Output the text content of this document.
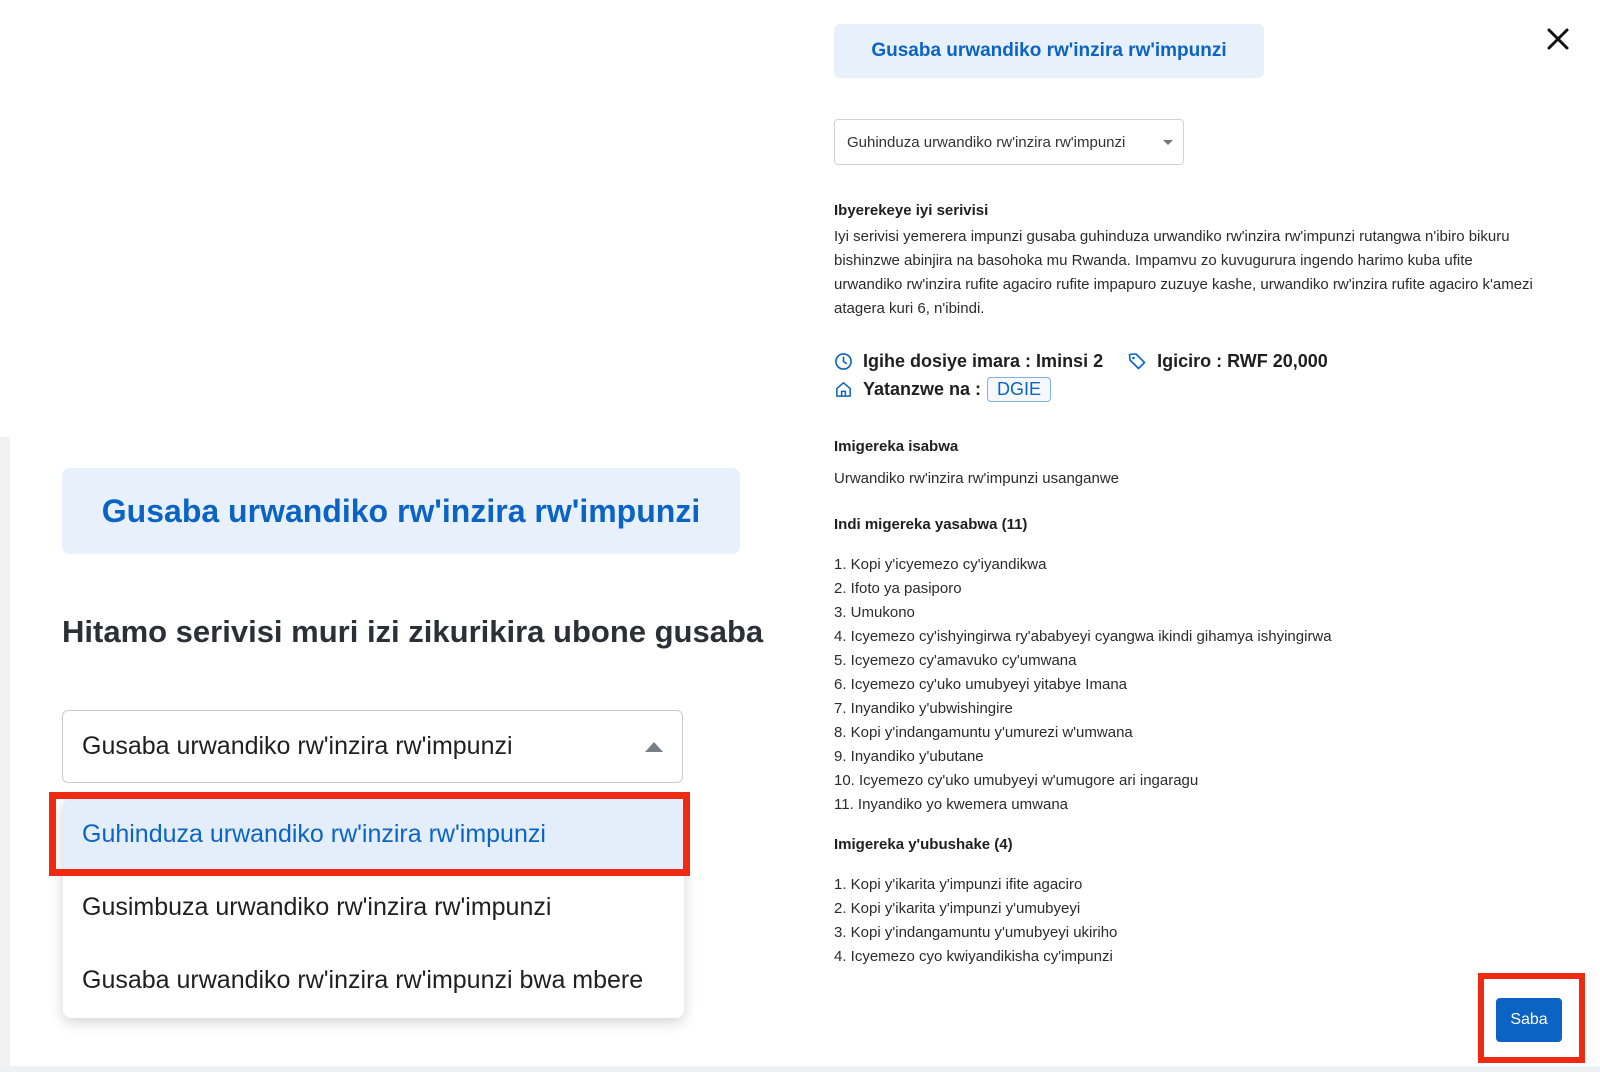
Gusaba urwandiko rw'inzira rw'impunzi
Hitamo serivisi muri izi zikurikira ubone gusaba
Gusaba urwandiko rw'inzira rw'impunzi
Guhinduza urwandiko rw'inzira rw'impunzi
Gusimbuza urwandiko rw'inzira rw'impunzi
Gusaba urwandiko rw'inzira rw'impunzi bwa mbere
Gusaba urwandiko rw'inzira rw'impunzi
Guhinduza urwandiko rw'inzira rw'impunzi
Ibyerekeye iyi serivisi
Iyi serivisi yemerera impunzi gusaba guhinduza urwandiko rw'inzira rw'impunzi rutangwa n'ibiro bikuru bishinzwe abinjira na basohoka mu Rwanda. Impamvu zo kuvugurura ingendo harimo kuba ufite urwandiko rw'inzira rufite agaciro rufite impapuro zuzuye kashe, urwandiko rw'inzira rufite agaciro k'amezi atagera kuri 6, n'ibindi.
Igihe dosiye imara : Iminsi 2	Igiciro : RWF 20,000
Yatanzwe na : DGIE
Imigereka isabwa
Urwandiko rw'inzira rw'impunzi usanganwe
Indi migereka yasabwa (11)
1. Kopi y'icyemezo cy'iyandikwa
2. Ifoto ya pasiporo
3. Umukono
4. Icyemezo cy'ishyingirwa ry'ababyeyi cyangwa ikindi gihamya ishyingirwa
5. Icyemezo cy'amavuko cy'umwana
6. Icyemezo cy'uko umubyeyi yitabye Imana
7. Inyandiko y'ubwishingire
8. Kopi y'indangamuntu y'umurezi w'umwana
9. Inyandiko y'ubutane
10. Icyemezo cy'uko umubyeyi w'umugore ari ingaragu
11. Inyandiko yo kwemera umwana
Imigereka y'ubushake (4)
1. Kopi y'ikarita y'impunzi ifite agaciro
2. Kopi y'ikarita y'impunzi y'umubyeyi
3. Kopi y'indangamuntu y'umubyeyi ukiriho
4. Icyemezo cyo kwiyandikisha cy'impunzi
Saba
